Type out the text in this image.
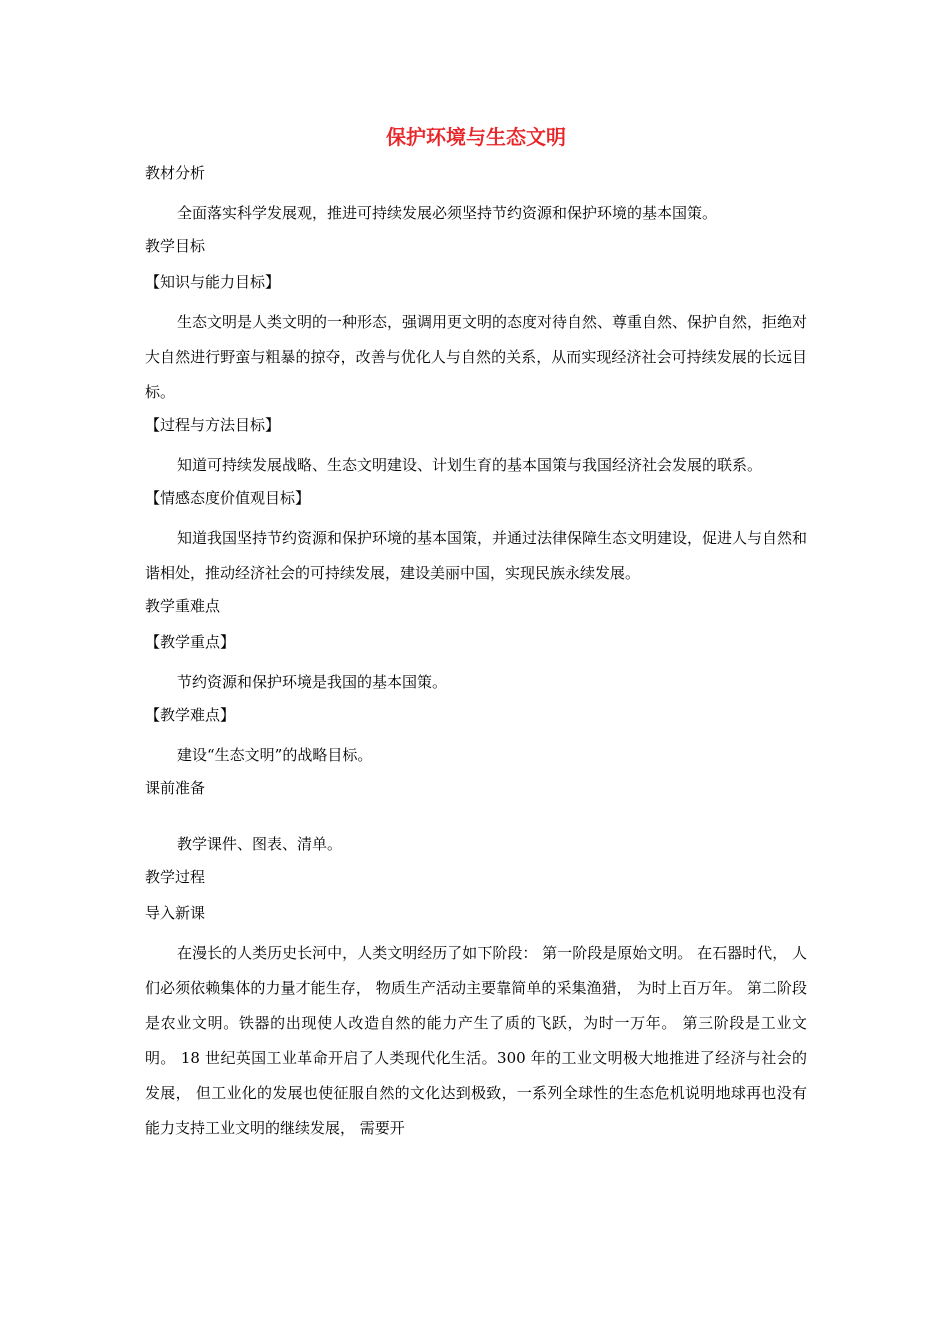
保护环境与生态文明
教材分析

全面落实科学发展观，推进可持续发展必须坚持节约资源和保护环境的基本国策。

教学目标
【知识与能力目标】

生态文明是人类文明的一种形态，强调用更文明的态度对待自然、尊重自然、保护自然，拒绝对大自然进行野蛮与粗暴的掠夺，改善与优化人与自然的关系，从而实现经济社会可持续发展的长远目标。

【过程与方法目标】

知道可持续发展战略、生态文明建设、计划生育的基本国策与我国经济社会发展的联系。

【情感态度价值观目标】

知道我国坚持节约资源和保护环境的基本国策，并通过法律保障生态文明建设，促进人与自然和谐相处，推动经济社会的可持续发展，建设美丽中国，实现民族永续发展。

教学重难点
【教学重点】

节约资源和保护环境是我国的基本国策。

【教学难点】

建设“生态文明”的战略目标。

课前准备

教学课件、图表、清单。

教学过程
导入新课

在漫长的人类历史长河中，人类文明经历了如下阶段： 第一阶段是原始文明。 在石器时代， 人们必须依赖集体的力量才能生存， 物质生产活动主要靠简单的采集渔猎， 为时上百万年。 第二阶段是农业文明。铁器的出现使人改造自然的能力产生了质的飞跃，为时一万年。 第三阶段是工业文明。 18 世纪英国工业革命开启了人类现代化生活。300 年的工业文明极大地推进了经济与社会的发展， 但工业化的发展也使征服自然的文化达到极致，一系列全球性的生态危机说明地球再也没有能力支持工业文明的继续发展， 需要开
